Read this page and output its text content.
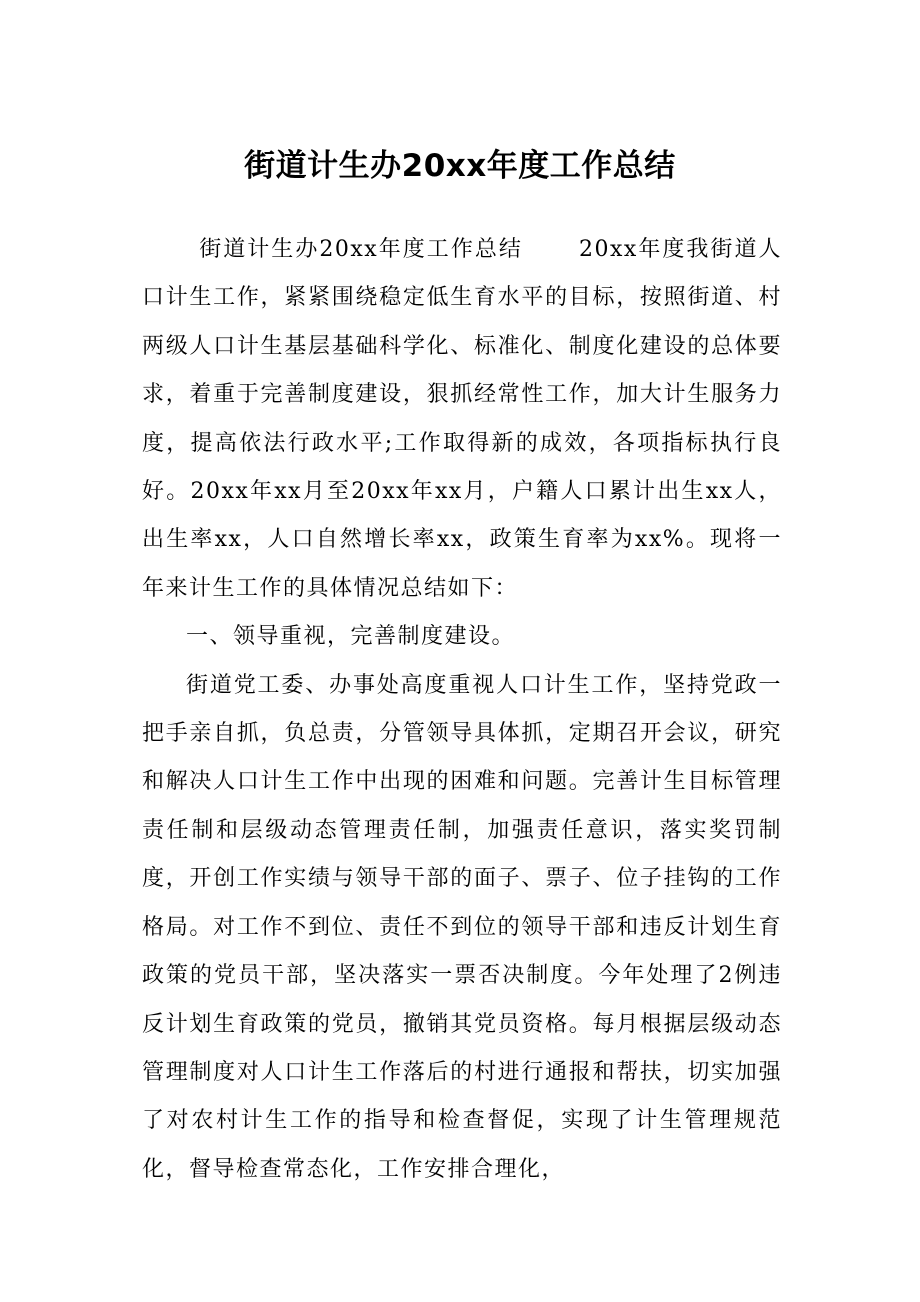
街道计生办20xx年度工作总结

街道计生办20xx年度工作总结	20xx年度我街道人口计生工作，紧紧围绕稳定低生育水平的目标，按照街道、村两级人口计生基层基础科学化、标准化、制度化建设的总体要求，着重于完善制度建设，狠抓经常性工作，加大计生服务力度，提高依法行政水平;工作取得新的成效，各项指标执行良好。20xx年xx月至20xx年xx月，户籍人口累计出生xx人，出生率xx，人口自然增长率xx，政策生育率为xx%。现将一年来计生工作的具体情况总结如下：

一、领导重视，完善制度建设。

街道党工委、办事处高度重视人口计生工作，坚持党政一把手亲自抓，负总责，分管领导具体抓，定期召开会议，研究和解决人口计生工作中出现的困难和问题。完善计生目标管理责任制和层级动态管理责任制，加强责任意识，落实奖罚制度，开创工作实绩与领导干部的面子、票子、位子挂钩的工作格局。对工作不到位、责任不到位的领导干部和违反计划生育政策的党员干部，坚决落实一票否决制度。今年处理了2例违反计划生育政策的党员，撤销其党员资格。每月根据层级动态管理制度对人口计生工作落后的村进行通报和帮扶，切实加强了对农村计生工作的指导和检查督促，实现了计生管理规范化，督导检查常态化，工作安排合理化，
